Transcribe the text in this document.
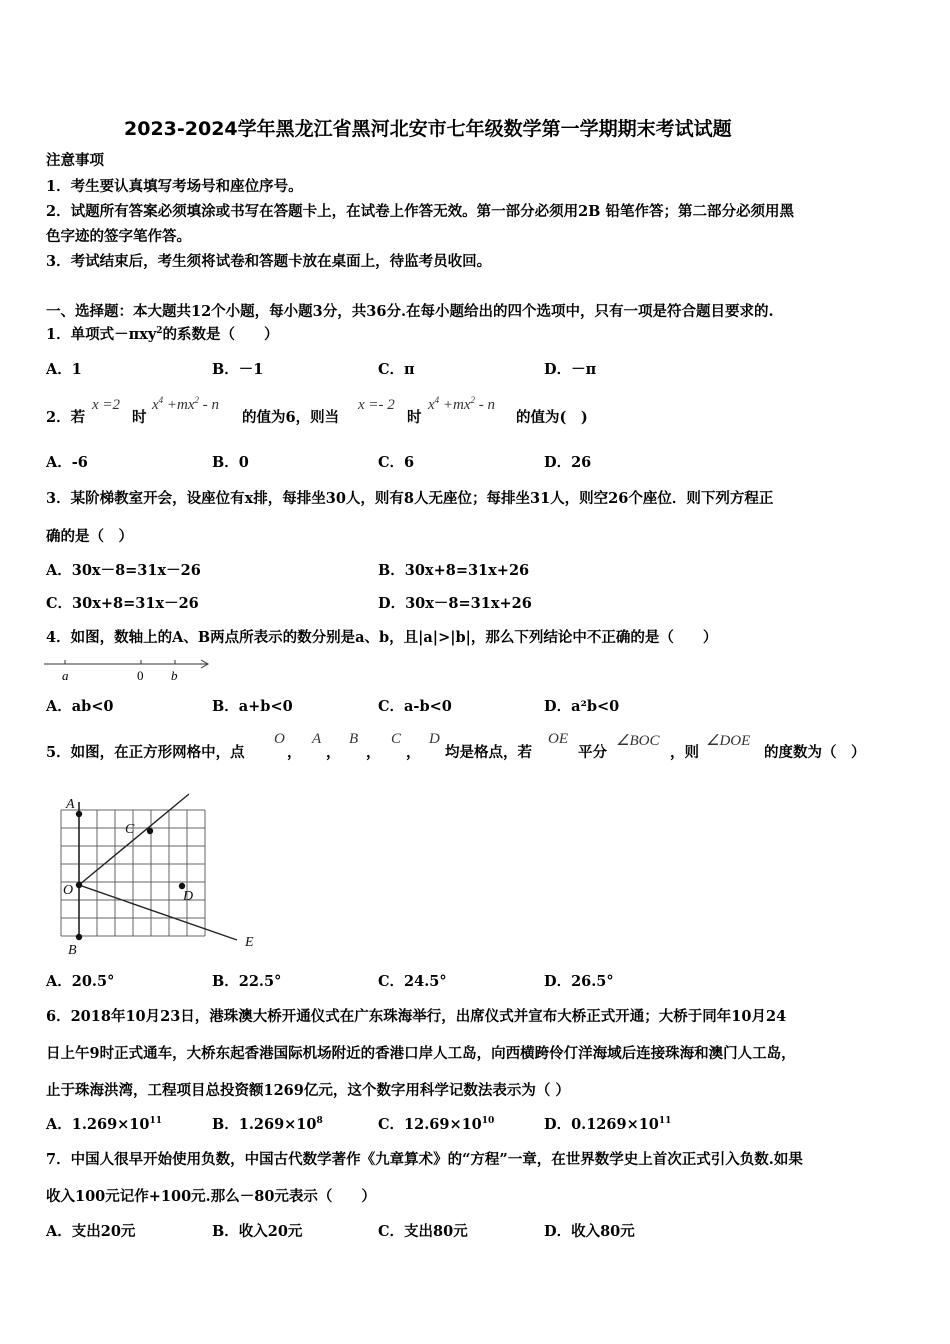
2023-2024学年黑龙江省黑河北安市七年级数学第一学期期末考试试题
注意事项
1．考生要认真填写考场号和座位序号。
2．试题所有答案必须填涂或书写在答题卡上，在试卷上作答无效。第一部分必须用2B 铅笔作答；第二部分必须用黑
色字迹的签字笔作答。
3．考试结束后，考生须将试卷和答题卡放在桌面上，待监考员收回。
一、选择题：本大题共12个小题，每小题3分，共36分.在每小题给出的四个选项中，只有一项是符合题目要求的.
1．单项式－πxy$^2$的系数是（　　）
A．1	B．－1	C．π	D．－π
2．若
x =2
时
$x^4 +mx^2 - n$
的值为6，则当
x =- 2
时
$x^4 +mx^2 - n$
的值为(　)
A．-6	B．0	C．6	D．26
3．某阶梯教室开会，设座位有x排，每排坐30人，则有8人无座位；每排坐31人，则空26个座位．则下列方程正
确的是（　）
A．30x－8=31x－26	B．30x+8=31x+26
C．30x+8=31x－26	D．30x－8=31x+26
4．如图，数轴上的A、B两点所表示的数分别是a、b，且|a|>|b|，那么下列结论中不正确的是（　　）
a	0 b
A．ab<0	B．a+b<0	C．a-b<0	D．a²b<0
5．如图，在正方形网格中，点
O
，
A
，
B
，
C
，
D
均是格点，若
OE
平分
∠BOC
，则
∠DOE
的度数为（　）
A
C
O	D
B
E
A．20.5°	B．22.5°	C．24.5°	D．26.5°
6．2018年10月23日，港珠澳大桥开通仪式在广东珠海举行，出席仪式并宣布大桥正式开通；大桥于同年10月24
日上午9时正式通车，大桥东起香港国际机场附近的香港口岸人工岛，向西横跨伶仃洋海域后连接珠海和澳门人工岛，
止于珠海洪湾，工程项目总投资额1269亿元，这个数字用科学记数法表示为（ ）
A．$1.269\times 10^{11}$	B．$1.269\times 10^8$	C．$12.69\times 10^{10}$	D．$0.1269\times 10^{11}$
7．中国人很早开始使用负数，中国古代数学著作《九章算术》的“方程”一章，在世界数学史上首次正式引入负数.如果
收入100元记作+100元.那么－80元表示（　　）
A．支出20元	B．收入20元	C．支出80元	D．收入80元
